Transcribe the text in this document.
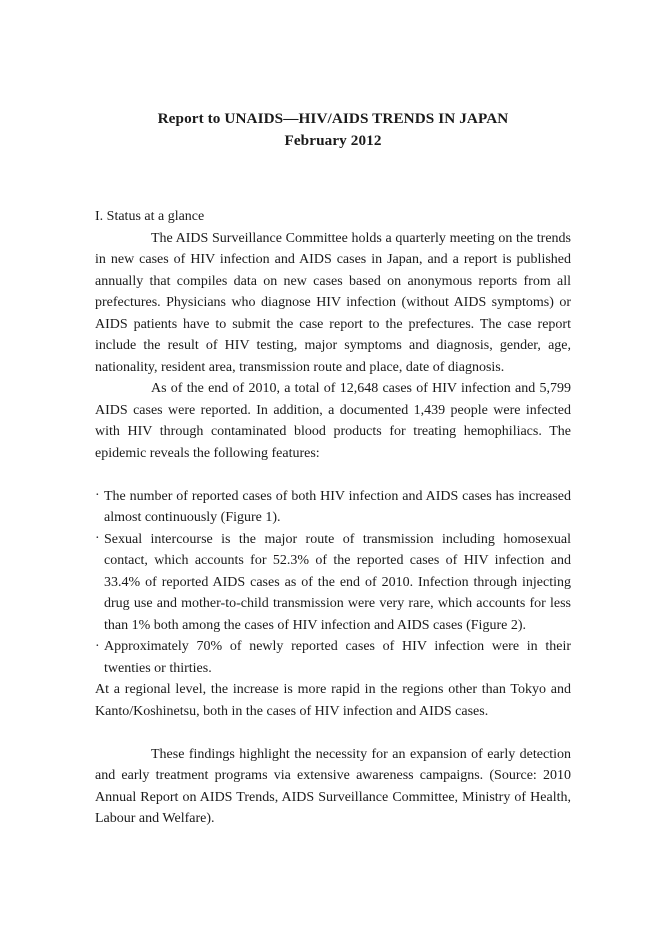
Report to UNAIDS—HIV/AIDS TRENDS IN JAPAN
February 2012
I. Status at a glance

The AIDS Surveillance Committee holds a quarterly meeting on the trends in new cases of HIV infection and AIDS cases in Japan, and a report is published annually that compiles data on new cases based on anonymous reports from all prefectures. Physicians who diagnose HIV infection (without AIDS symptoms) or AIDS patients have to submit the case report to the prefectures. The case report include the result of HIV testing, major symptoms and diagnosis, gender, age, nationality, resident area, transmission route and place, date of diagnosis.

As of the end of 2010, a total of 12,648 cases of HIV infection and 5,799 AIDS cases were reported. In addition, a documented 1,439 people were infected with HIV through contaminated blood products for treating hemophiliacs. The epidemic reveals the following features:

· The number of reported cases of both HIV infection and AIDS cases has increased almost continuously (Figure 1).
· Sexual intercourse is the major route of transmission including homosexual contact, which accounts for 52.3% of the reported cases of HIV infection and 33.4% of reported AIDS cases as of the end of 2010. Infection through injecting drug use and mother-to-child transmission were very rare, which accounts for less than 1% both among the cases of HIV infection and AIDS cases (Figure 2).
· Approximately 70% of newly reported cases of HIV infection were in their twenties or thirties.
At a regional level, the increase is more rapid in the regions other than Tokyo and Kanto/Koshinetsu, both in the cases of HIV infection and AIDS cases.

These findings highlight the necessity for an expansion of early detection and early treatment programs via extensive awareness campaigns. (Source: 2010 Annual Report on AIDS Trends, AIDS Surveillance Committee, Ministry of Health, Labour and Welfare).
